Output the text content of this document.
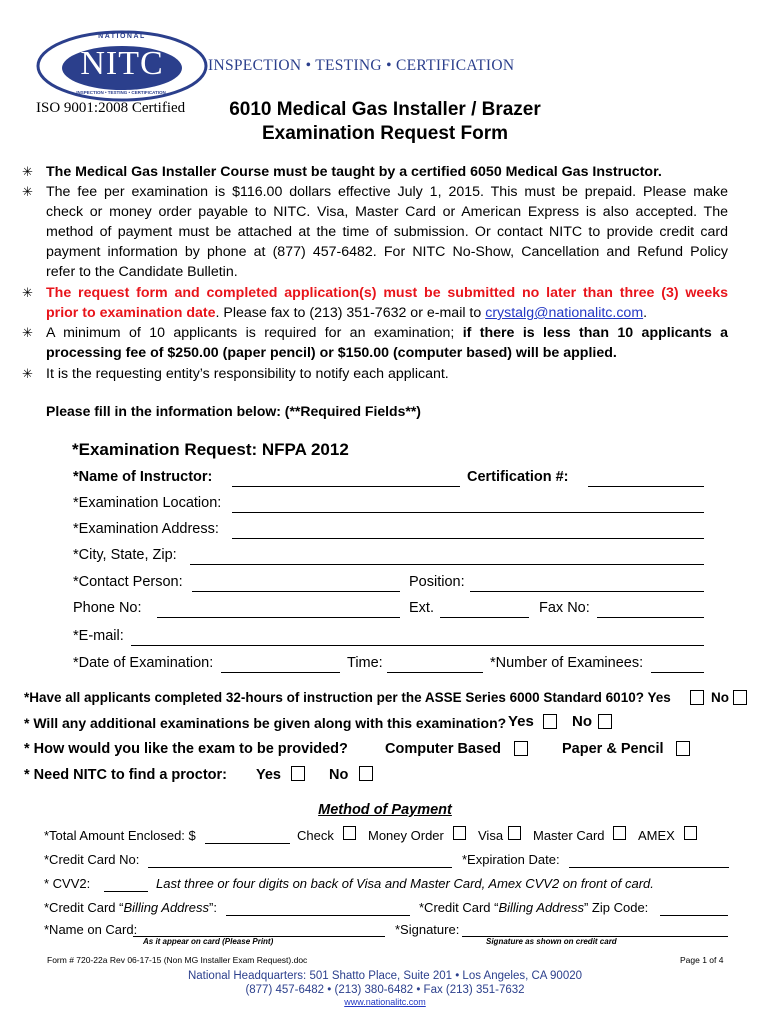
NATIONAL
NITC
INSPECTION • TESTING • CERTIFICATION
INSPECTION • TESTING • CERTIFICATION
ISO 9001:2008 Certified	6010 Medical Gas Installer / Brazer
Examination Request Form
✳ The Medical Gas Installer Course must be taught by a certified 6050 Medical Gas Instructor.
✳ The fee per examination is $116.00 dollars effective July 1, 2015. This must be prepaid. Please make
check or money order payable to NITC. Visa, Master Card or American Express is also accepted. The
method of payment must be attached at the time of submission. Or contact NITC to provide credit card
payment information by phone at (877) 457-6482. For NITC No-Show, Cancellation and Refund Policy
refer to the Candidate Bulletin.
✳ The request form and completed application(s) must be submitted no later than three (3) weeks
prior to examination date. Please fax to (213) 351-7632 or e-mail to crystalg@nationalitc.com.
✳ A minimum of 10 applicants is required for an examination; if there is less than 10 applicants a
processing fee of $250.00 (paper pencil) or $150.00 (computer based) will be applied.
✳ It is the requesting entity’s responsibility to notify each applicant.
Please fill in the information below: (**Required Fields**)
*Examination Request: NFPA 2012
*Name of Instructor:	Certification #:
*Examination Location:
*Examination Address:
*City, State, Zip:
*Contact Person:	Position:
Phone No:	Ext.	Fax No:
*E-mail:
*Date of Examination:	Time:	*Number of Examinees:
*Have all applicants completed 32-hours of instruction per the ASSE Series 6000 Standard 6010? Yes	No
* Will any additional examinations be given along with this examination? Yes	No
* How would you like the exam to be provided?	Computer Based	Paper & Pencil
* Need NITC to find a proctor: Yes	No
Method of Payment
*Total Amount Enclosed: $	Check	Money Order	Visa Master Card	AMEX
*Credit Card No:	*Expiration Date:
* CVV2:	Last three or four digits on back of Visa and Master Card, Amex CVV2 on front of card.
*Credit Card “Billing Address”:	*Credit Card “Billing Address” Zip Code:
*Name on Card:	*Signature:
As it appear on card (Please Print)	Signature as shown on credit card
Form # 720-22a Rev 06-17-15 (Non MG Installer Exam Request).doc	Page 1 of 4
National Headquarters: 501 Shatto Place, Suite 201 • Los Angeles, CA 90020
(877) 457-6482 • (213) 380-6482 • Fax (213) 351-7632
www.nationalitc.com
